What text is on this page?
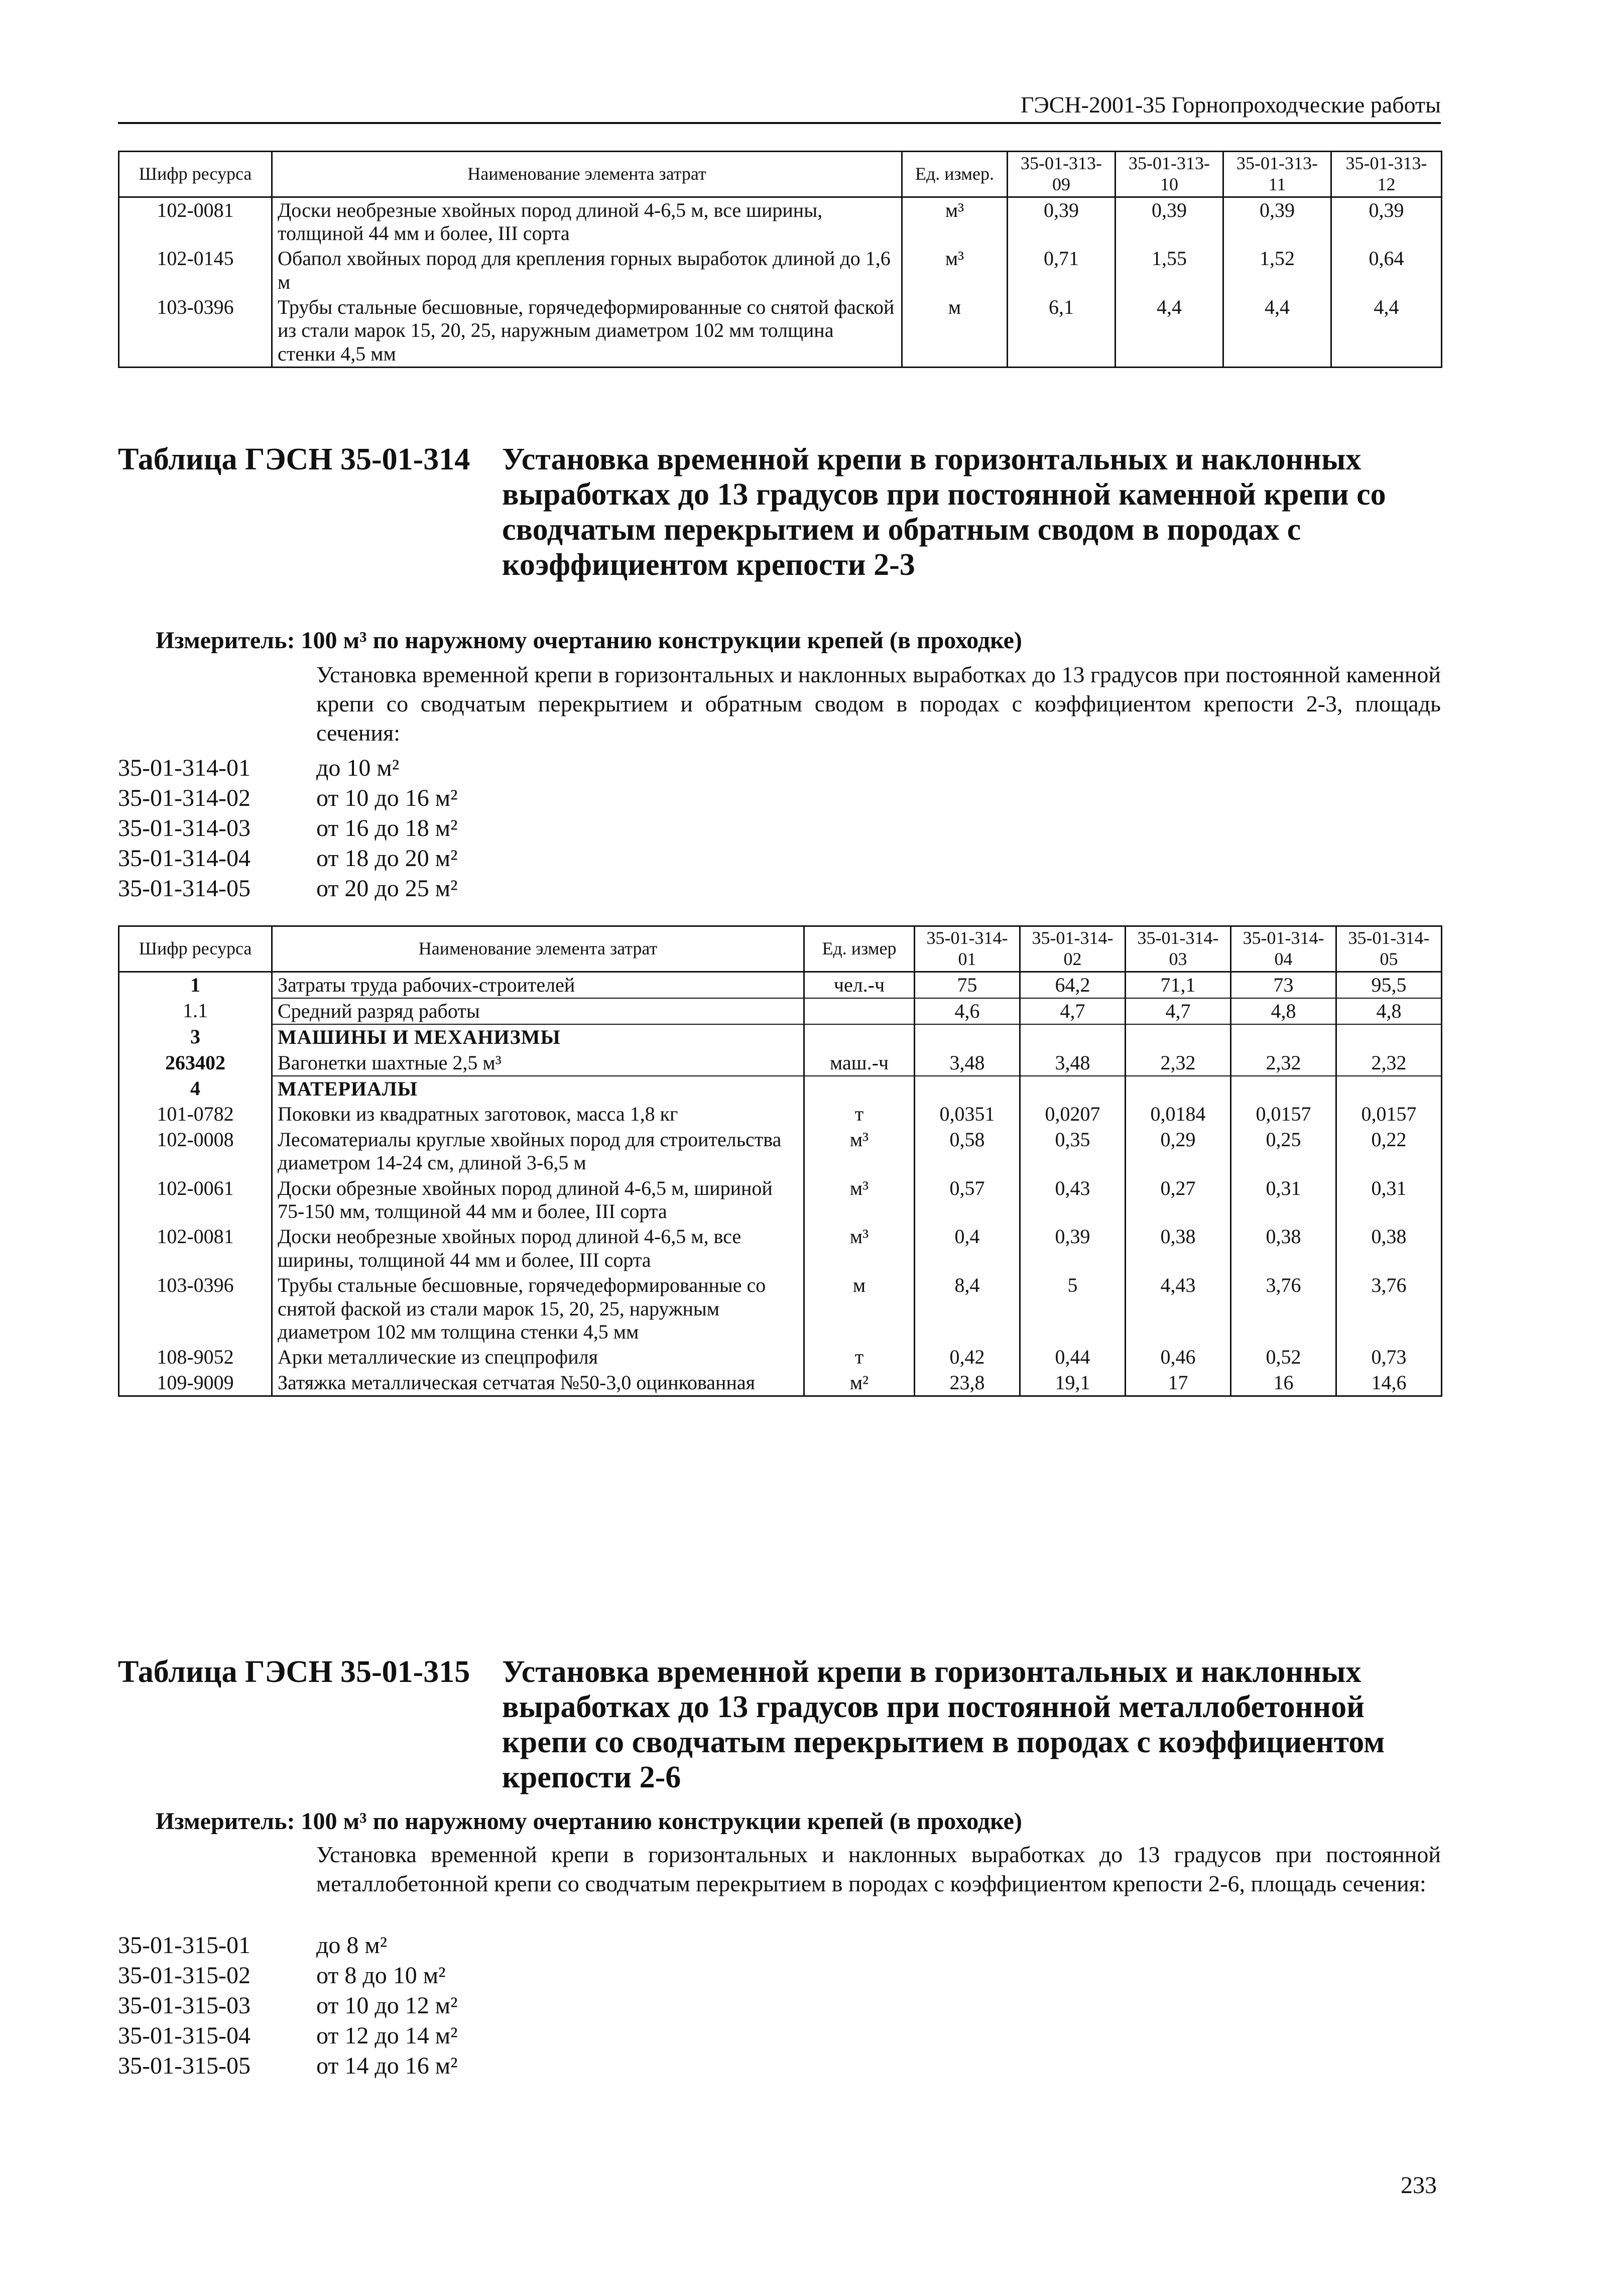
ГЭСН-2001-35 Горнопроходческие работы
Шифр ресурса	Наименование элемента затрат	Ед. измер.	35-01-313-09	35-01-313-10	35-01-313-11	35-01-313-12
102-0081	Доски необрезные хвойных пород длиной 4-6,5 м, все ширины, толщиной 44 мм и более, III сорта	м³	0,39	0,39	0,39	0,39
102-0145	Обапол хвойных пород для крепления горных выработок длиной до 1,6 м	м³	0,71	1,55	1,52	0,64
103-0396	Трубы стальные бесшовные, горячедеформированные со снятой фаской из стали марок 15, 20, 25, наружным диаметром 102 мм толщина стенки 4,5 мм	м	6,1	4,4	4,4	4,4
Таблица ГЭСН 35-01-314 Установка временной крепи в горизонтальных и наклонных выработках до 13 градусов при постоянной каменной крепи со сводчатым перекрытием и обратным сводом в породах с коэффициентом крепости 2-3
Измеритель: 100 м³ по наружному очертанию конструкции крепей (в проходке)
Установка временной крепи в горизонтальных и наклонных выработках до 13 градусов при постоянной каменной крепи со сводчатым перекрытием и обратным сводом в породах с коэффициентом крепости 2-3, площадь сечения:
35-01-314-01	до 10 м²
35-01-314-02	от 10 до 16 м²
35-01-314-03	от 16 до 18 м²
35-01-314-04	от 18 до 20 м²
35-01-314-05	от 20 до 25 м²
Шифр ресурса	Наименование элемента затрат	Ед. измер	35-01-314-01	35-01-314-02	35-01-314-03	35-01-314-04	35-01-314-05
1	Затраты труда рабочих-строителей	чел.-ч	75	64,2	71,1	73	95,5
1.1	Средний разряд работы		4,6	4,7	4,7	4,8	4,8
3	МАШИНЫ И МЕХАНИЗМЫ						
263402	Вагонетки шахтные 2,5 м³	маш.-ч	3,48	3,48	2,32	2,32	2,32
4	МАТЕРИАЛЫ						
101-0782	Поковки из квадратных заготовок, масса 1,8 кг	т	0,0351	0,0207	0,0184	0,0157	0,0157
102-0008	Лесоматериалы круглые хвойных пород для строительства диаметром 14-24 см, длиной 3-6,5 м	м³	0,58	0,35	0,29	0,25	0,22
102-0061	Доски обрезные хвойных пород длиной 4-6,5 м, шириной 75-150 мм, толщиной 44 мм и более, III сорта	м³	0,57	0,43	0,27	0,31	0,31
102-0081	Доски необрезные хвойных пород длиной 4-6,5 м, все ширины, толщиной 44 мм и более, III сорта	м³	0,4	0,39	0,38	0,38	0,38
103-0396	Трубы стальные бесшовные, горячедеформированные со снятой фаской из стали марок 15, 20, 25, наружным диаметром 102 мм толщина стенки 4,5 мм	м	8,4	5	4,43	3,76	3,76
108-9052	Арки металлические из спецпрофиля	т	0,42	0,44	0,46	0,52	0,73
109-9009	Затяжка металлическая сетчатая №50-3,0 оцинкованная	м²	23,8	19,1	17	16	14,6
Таблица ГЭСН 35-01-315 Установка временной крепи в горизонтальных и наклонных выработках до 13 градусов при постоянной металлобетонной крепи со сводчатым перекрытием в породах с коэффициентом крепости 2-6
Измеритель: 100 м³ по наружному очертанию конструкции крепей (в проходке)
Установка временной крепи в горизонтальных и наклонных выработках до 13 градусов при постоянной металлобетонной крепи со сводчатым перекрытием в породах с коэффициентом крепости 2-6, площадь сечения:
35-01-315-01	до 8 м²
35-01-315-02	от 8 до 10 м²
35-01-315-03	от 10 до 12 м²
35-01-315-04	от 12 до 14 м²
35-01-315-05	от 14 до 16 м²
233
